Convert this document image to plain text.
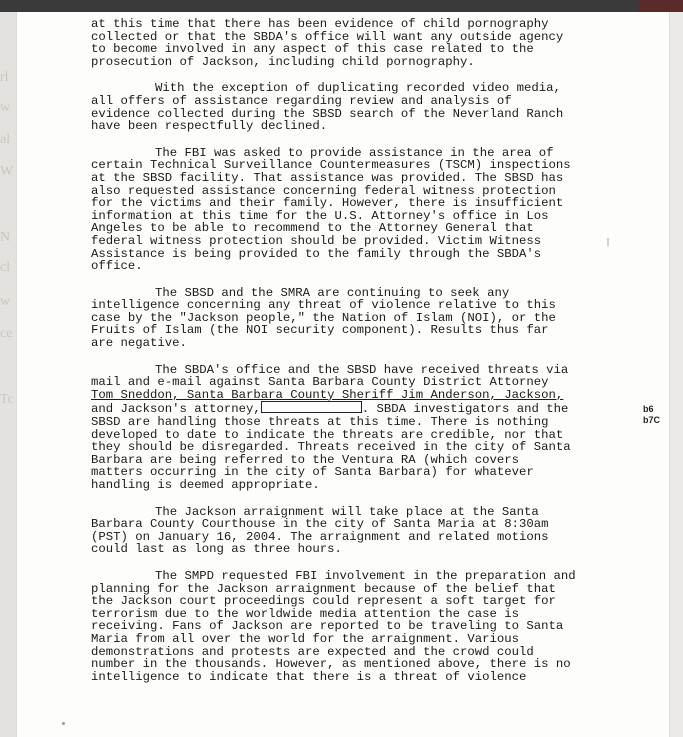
rl
w
al
W
N
cl
w
ce
Tc
at this time that there has been evidence of child pornography
collected or that the SBDA's office will want any outside agency
to become involved in any aspect of this case related to the
prosecution of Jackson, including child pornography.
With the exception of duplicating recorded video media,
all offers of assistance regarding review and analysis of
evidence collected during the SBSD search of the Neverland Ranch
have been respectfully declined.
The FBI was asked to provide assistance in the area of
certain Technical Surveillance Countermeasures (TSCM) inspections
at the SBSD facility. That assistance was provided. The SBSD has
also requested assistance concerning federal witness protection
for the victims and their family. However, there is insufficient
information at this time for the U.S. Attorney's office in Los
Angeles to be able to recommend to the Attorney General that
federal witness protection should be provided. Victim Witness
Assistance is being provided to the family through the SBDA's
office.
The SBSD and the SMRA are continuing to seek any
intelligence concerning any threat of violence relative to this
case by the "Jackson people," the Nation of Islam (NOI), or the
Fruits of Islam (the NOI security component). Results thus far
are negative.
The SBDA's office and the SBSD have received threats via
mail and e-mail against Santa Barbara County District Attorney
Tom Sneddon, Santa Barbara County Sheriff Jim Anderson, Jackson,
and Jackson's attorney,	. SBDA investigators and the
SBSD are handling those threats at this time. There is nothing
developed to date to indicate the threats are credible, nor that
they should be disregarded. Threats received in the city of Santa
Barbara are being referred to the Ventura RA (which covers
matters occurring in the city of Santa Barbara) for whatever
handling is deemed appropriate.
The Jackson arraignment will take place at the Santa
Barbara County Courthouse in the city of Santa Maria at 8:30am
(PST) on January 16, 2004. The arraignment and related motions
could last as long as three hours.
The SMPD requested FBI involvement in the preparation and
planning for the Jackson arraignment because of the belief that
the Jackson court proceedings could represent a soft target for
terrorism due to the worldwide media attention the case is
receiving. Fans of Jackson are reported to be traveling to Santa
Maria from all over the world for the arraignment. Various
demonstrations and protests are expected and the crowd could
number in the thousands. However, as mentioned above, there is no
intelligence to indicate that there is a threat of violence
b6
b7C
